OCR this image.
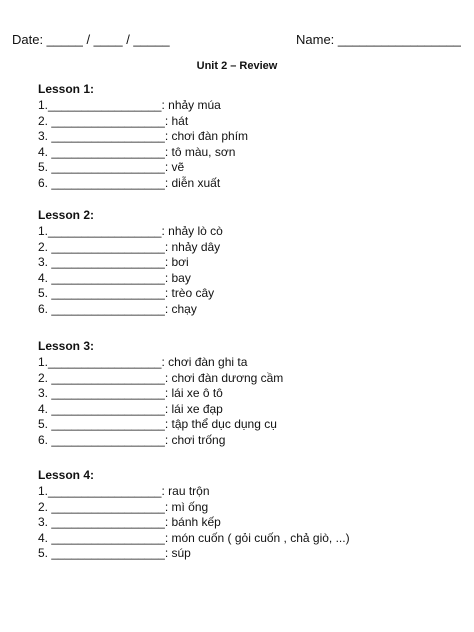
Date: _____ / ____ / _____	Name: _________________
Unit 2 – Review
Lesson 1:
1._________________: nhảy múa
2. _________________: hát
3. _________________: chơi đàn phím
4. _________________: tô màu, sơn
5. _________________: vẽ
6. _________________: diễn xuất
Lesson 2:
1._________________: nhảy lò cò
2. _________________: nhảy dây
3. _________________: bơi
4. _________________: bay
5. _________________: trèo cây
6. _________________: chạy
Lesson 3:
1._________________: chơi đàn ghi ta
2. _________________: chơi đàn dương cầm
3. _________________: lái xe ô tô
4. _________________: lái xe đạp
5. _________________: tập thể dục dụng cụ
6. _________________: chơi trống
Lesson 4:
1._________________: rau trộn
2. _________________: mì ống
3. _________________: bánh kếp
4. _________________: món cuốn ( gỏi cuốn , chả giò, ...)
5. _________________: súp
